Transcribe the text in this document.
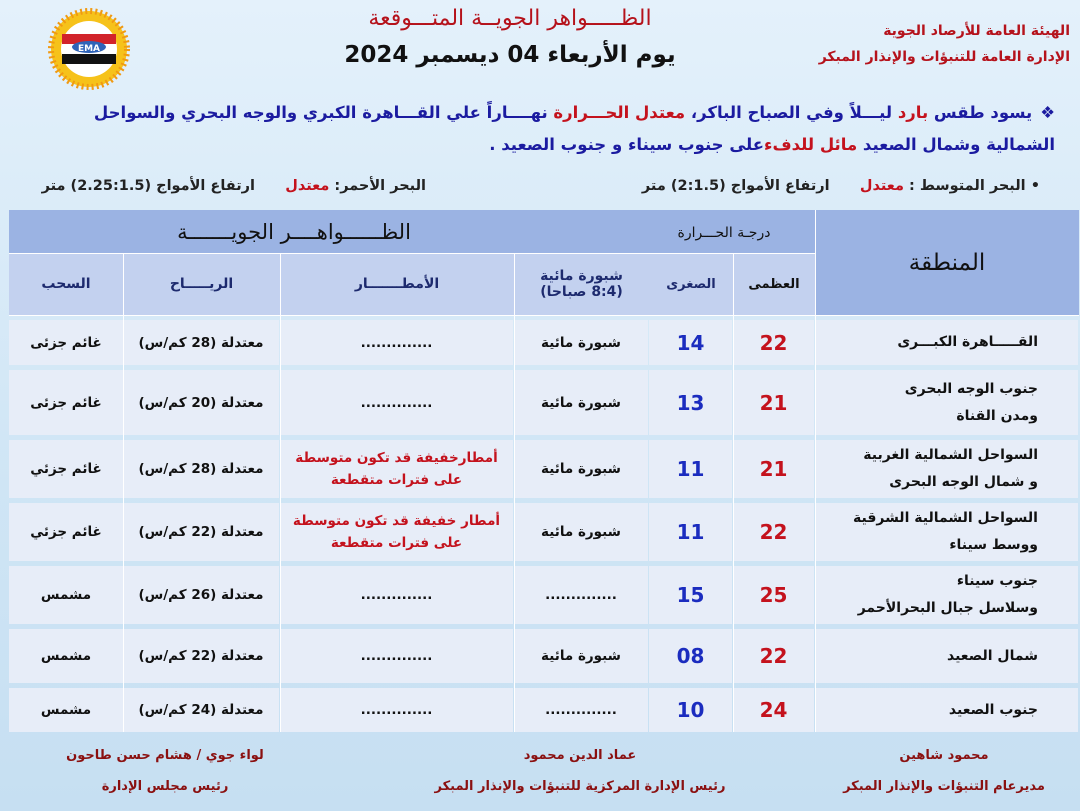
EMA
الهيئة العامة للأرصاد الجوية
الإدارة العامة للتنبؤات والإنذار المبكر
الظـــــواهر الجويــة المتـــوقعة
يوم الأربعاء 04 ديسمبر 2024
❖يسود طقس بارد ليـــلاً وفي الصباح الباكر، معتدل الحـــرارة نهــــاراً علي القـــاهرة الكبري والوجه البحري والسواحل الشمالية وشمال الصعيد مائل للدفءعلى جنوب سيناء و جنوب الصعيد .
• البحر المتوسط : معتدل      ارتفاع الأمواج (2:1.5) متر
البحر الأحمر: معتدل      ارتفاع الأمواج (2.25:1.5) متر
المنطقة
الظــــــواهــــر الجويـــــــة	درجـة الحـــرارة
العظمى
الصغرى
شبورة مائية
(8:4 صباحا)
الأمطـــــــار
الريـــــاح
السحب
القـــــاهرة الكبـــرى
22
14
شبورة مائية
..............
معتدلة (28 كم/س)
غائم جزئى
جنوب الوجه البحرى
ومدن القناة
21
13
شبورة مائية
..............
معتدلة (20 كم/س)
غائم جزئى
السواحل الشمالية الغربية
و شمال الوجه البحرى
21
11
شبورة مائية
أمطارخفيفة قد تكون متوسطة
على فترات متقطعة
معتدلة (28 كم/س)
غائم جزئي
السواحل الشمالية الشرقية
ووسط سيناء
22
11
شبورة مائية
أمطار خفيفة قد تكون متوسطة
على فترات متقطعة
معتدلة (22 كم/س)
غائم جزئي
جنوب سيناء
وسلاسل جبال البحرالأحمر
25
15
..............
..............
معتدلة (26 كم/س)
مشمس
شمال الصعيد
22
08
شبورة مائية
..............
معتدلة (22 كم/س)
مشمس
جنوب الصعيد
24
10
..............
..............
معتدلة (24 كم/س)
مشمس
محمود شاهين
مديرعام التنبؤات والإنذار المبكر
عماد الدين محمود
رئيس الإدارة المركزية للتنبؤات والإنذار المبكر
لواء جوي / هشام حسن طاحون
رئيس مجلس الإدارة
